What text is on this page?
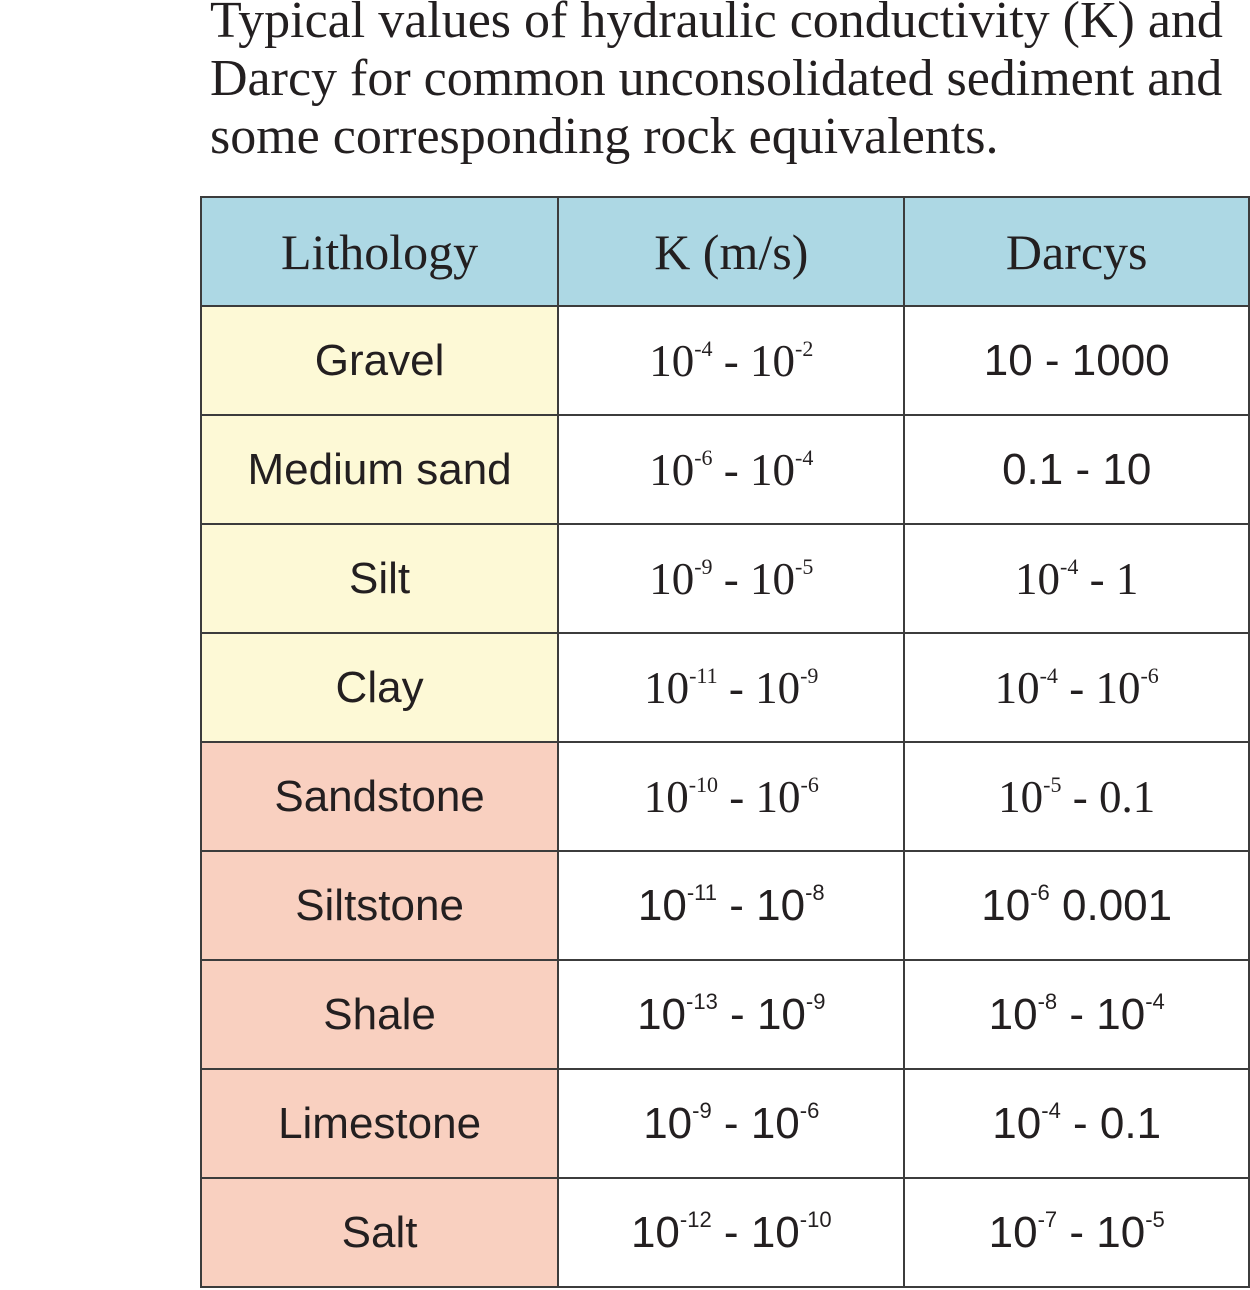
Typical values of hydraulic conductivity (K) and
Darcy for common unconsolidated sediment and
some corresponding rock equivalents.

Lithology	K (m/s)	Darcys
Gravel	$10^{-4} - 10^{-2}$	10 - 1000
Medium sand	$10^{-6} - 10^{-4}$	0.1 - 10
Silt	$10^{-9} - 10^{-5}$	$10^{-4} - 1$
Clay	$10^{-11} - 10^{-9}$	$10^{-4} - 10^{-6}$
Sandstone	$10^{-10} - 10^{-6}$	$10^{-5} - 0.1$
Siltstone	$10^{-11} - 10^{-8}$	$10^{-6}$ 0.001
Shale	$10^{-13} - 10^{-9}$	$10^{-8} - 10^{-4}$
Limestone	$10^{-9} - 10^{-6}$	$10^{-4} - 0.1$
Salt	$10^{-12} - 10^{-10}$	$10^{-7} - 10^{-5}$
